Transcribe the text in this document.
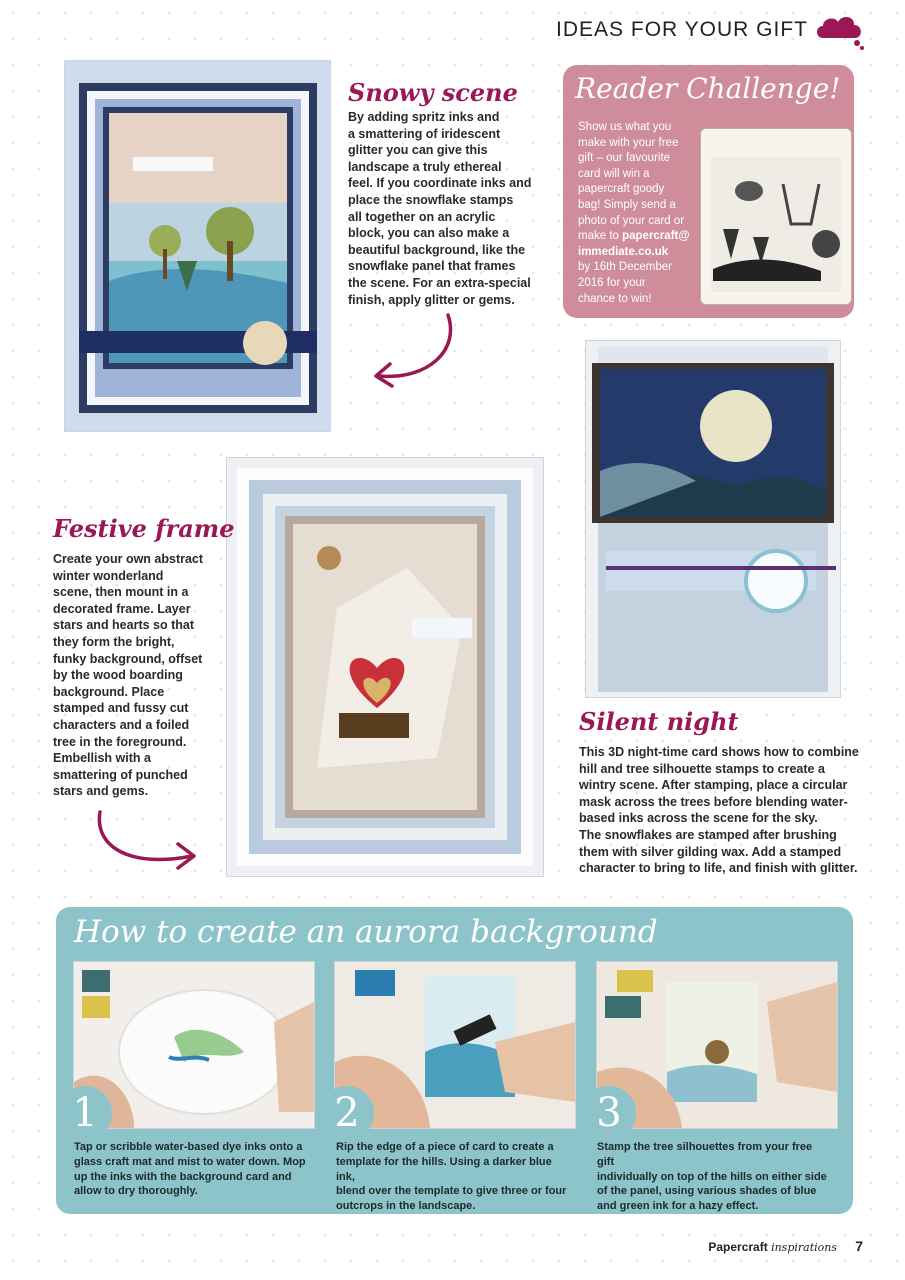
IDEAS FOR YOUR GIFT
Snowy scene
By adding spritz inks and
a smattering of iridescent
glitter you can give this
landscape a truly ethereal
feel. If you coordinate inks and
place the snowflake stamps
all together on an acrylic
block, you can also make a
beautiful background, like the
snowflake panel that frames
the scene. For an extra-special
finish, apply glitter or gems.
Reader Challenge!
Show us what you
make with your free
gift – our favourite
card will win a
papercraft goody
bag! Simply send a
photo of your card or
make to papercraft@
immediate.co.uk
by 16th December
2016 for your
chance to win!
Festive frame
Create your own abstract
winter wonderland
scene, then mount in a
decorated frame. Layer
stars and hearts so that
they form the bright,
funky background, offset
by the wood boarding
background. Place
stamped and fussy cut
characters and a foiled
tree in the foreground.
Embellish with a
smattering of punched
stars and gems.
Silent night
This 3D night-time card shows how to combine
hill and tree silhouette stamps to create a
wintry scene. After stamping, place a circular
mask across the trees before blending water-
based inks across the scene for the sky.
The snowflakes are stamped after brushing
them with silver gilding wax. Add a stamped
character to bring to life, and finish with glitter.
How to create an aurora background
1	2	3
Tap or scribble water-based dye inks onto a
glass craft mat and mist to water down. Mop
up the inks with the background card and
allow to dry thoroughly.
Rip the edge of a piece of card to create a
template for the hills. Using a darker blue ink,
blend over the template to give three or four
outcrops in the landscape.
Stamp the tree silhouettes from your free gift
individually on top of the hills on either side
of the panel, using various shades of blue
and green ink for a hazy effect.
Papercraft inspirations 7
